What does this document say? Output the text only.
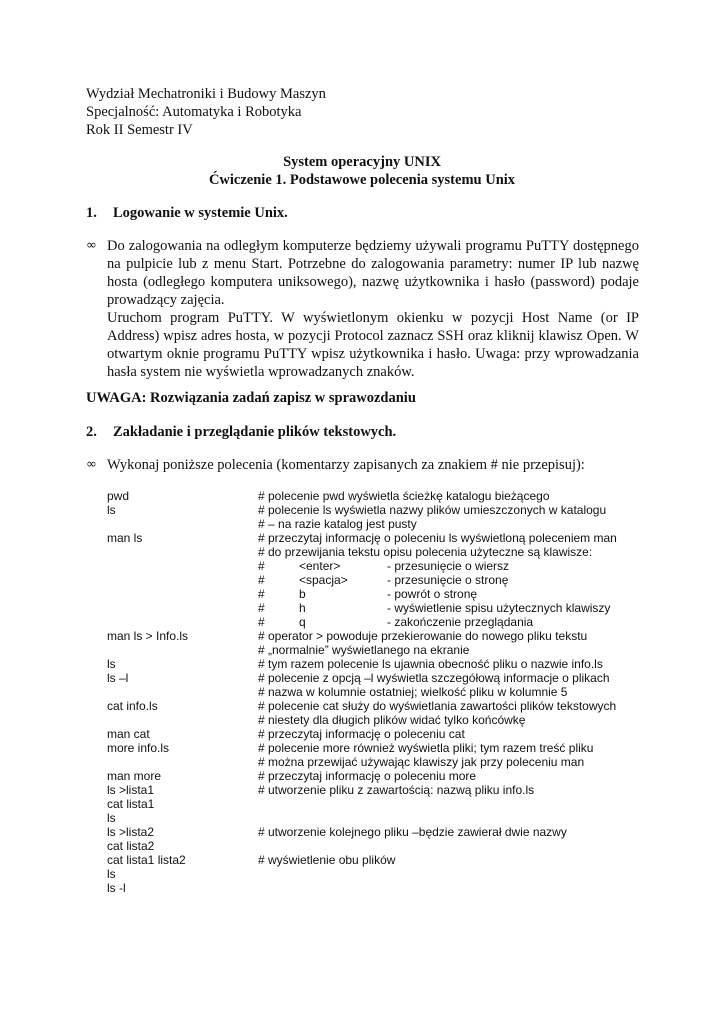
Wydział Mechatroniki i Budowy Maszyn
Specjalność: Automatyka i Robotyka
Rok II Semestr IV
System operacyjny UNIX
Ćwiczenie 1. Podstawowe polecenia systemu Unix
1. Logowanie w systemie Unix.
∞ Do zalogowania na odległym komputerze będziemy używali programu PuTTY dostępnego na pulpicie lub z menu Start. Potrzebne do zalogowania parametry: numer IP lub nazwę hosta (odległego komputera uniksowego), nazwę użytkownika i hasło (password) podaje prowadzący zajęcia.

Uruchom program PuTTY. W wyświetlonym okienku w pozycji Host Name (or IP Address) wpisz adres hosta, w pozycji Protocol zaznacz SSH oraz kliknij klawisz Open. W otwartym oknie programu PuTTY wpisz użytkownika i hasło. Uwaga: przy wprowadzania hasła system nie wyświetla wprowadzanych znaków.

UWAGA: Rozwiązania zadań zapisz w sprawozdaniu
2. Zakładanie i przeglądanie plików tekstowych.
∞ Wykonaj poniższe polecenia (komentarzy zapisanych za znakiem # nie przepisuj):
pwd	# polecenie pwd wyświetla ścieżkę katalogu bieżącego
ls	# polecenie ls wyświetla nazwy plików umieszczonych w katalogu
# – na razie katalog jest pusty
man ls	# przeczytaj informację o poleceniu ls wyświetloną poleceniem man
# do przewijania tekstu opisu polecenia użyteczne są klawisze:
#	<enter>	- przesunięcie o wiersz
#	<spacja>	- przesunięcie o stronę
#	b	- powrót o stronę
#	h	- wyświetlenie spisu użytecznych klawiszy
#	q	- zakończenie przeglądania
man ls > Info.ls	# operator > powoduje przekierowanie do nowego pliku tekstu
# „normalnie” wyświetlanego na ekranie
ls	# tym razem polecenie ls ujawnia obecność pliku o nazwie info.ls
ls –l	# polecenie z opcją –l wyświetla szczegółową informacje o plikach
# nazwa w kolumnie ostatniej; wielkość pliku w kolumnie 5
cat info.ls	# polecenie cat służy do wyświetlania zawartości plików tekstowych
# niestety dla długich plików widać tylko końcówkę
man cat	# przeczytaj informację o poleceniu cat
more info.ls	# polecenie more również wyświetla pliki; tym razem treść pliku
# można przewijać używając klawiszy jak przy poleceniu man
man more	# przeczytaj informację o poleceniu more
ls >lista1	# utworzenie pliku z zawartością: nazwą pliku info.ls
cat lista1
ls
ls >lista2	# utworzenie kolejnego pliku –będzie zawierał dwie nazwy
cat lista2
cat lista1 lista2	# wyświetlenie obu plików
ls
ls -l
